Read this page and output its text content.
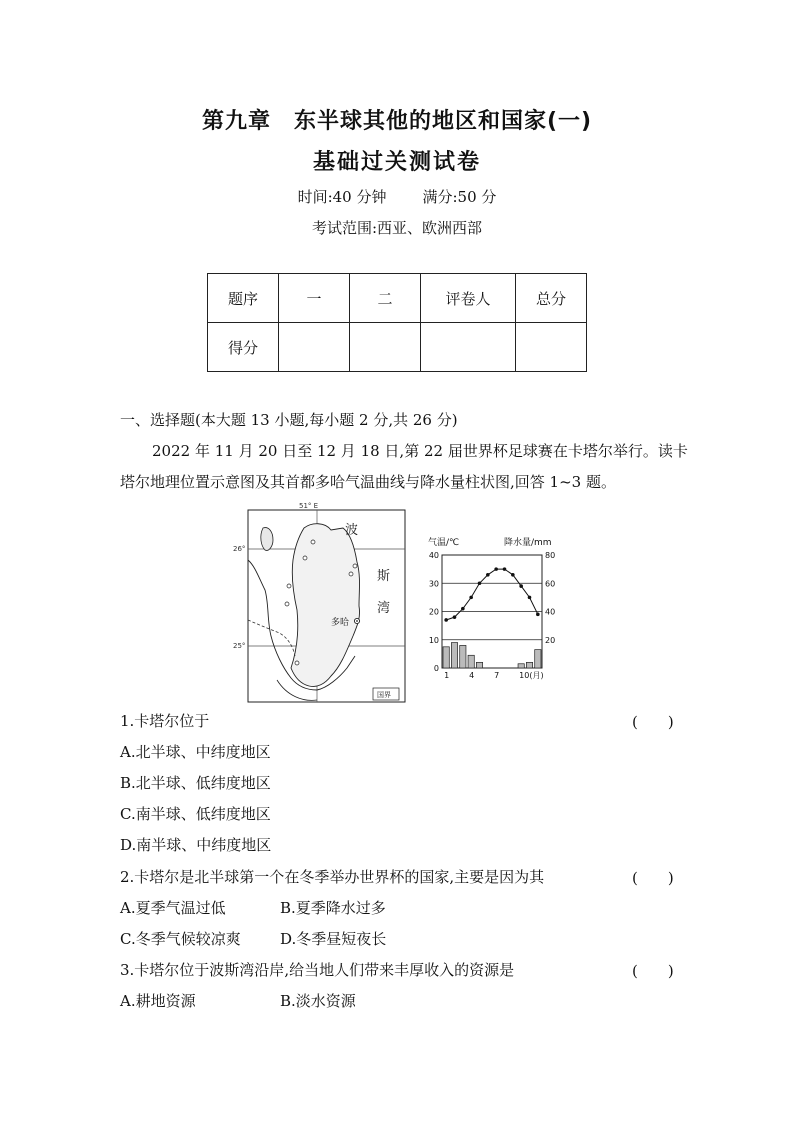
第九章　东半球其他的地区和国家(一)
基础过关测试卷
时间:40 分钟 满分:50 分
考试范围:西亚、欧洲西部
题序	一	二	评卷人	总分
得分				
一、选择题(本大题 13 小题,每小题 2 分,共 26 分)
2022 年 11 月 20 日至 12 月 18 日,第 22 届世界杯足球赛在卡塔尔举行。读卡
塔尔地理位置示意图及其首都多哈气温曲线与降水量柱状图,回答 1~3 题。
51° E
26°
25°
多哈
波
斯
湾
国界
气温/℃	降水量/mm
40
30
20
10
0
80
60
40
20
1 4 7 10(月)
1.卡塔尔位于	(　　)
A.北半球、中纬度地区
B.北半球、低纬度地区
C.南半球、低纬度地区
D.南半球、中纬度地区
2.卡塔尔是北半球第一个在冬季举办世界杯的国家,主要是因为其	(　　)
A.夏季气温过低	B.夏季降水过多
C.冬季气候较凉爽	D.冬季昼短夜长
3.卡塔尔位于波斯湾沿岸,给当地人们带来丰厚收入的资源是	(　　)
A.耕地资源	B.淡水资源
